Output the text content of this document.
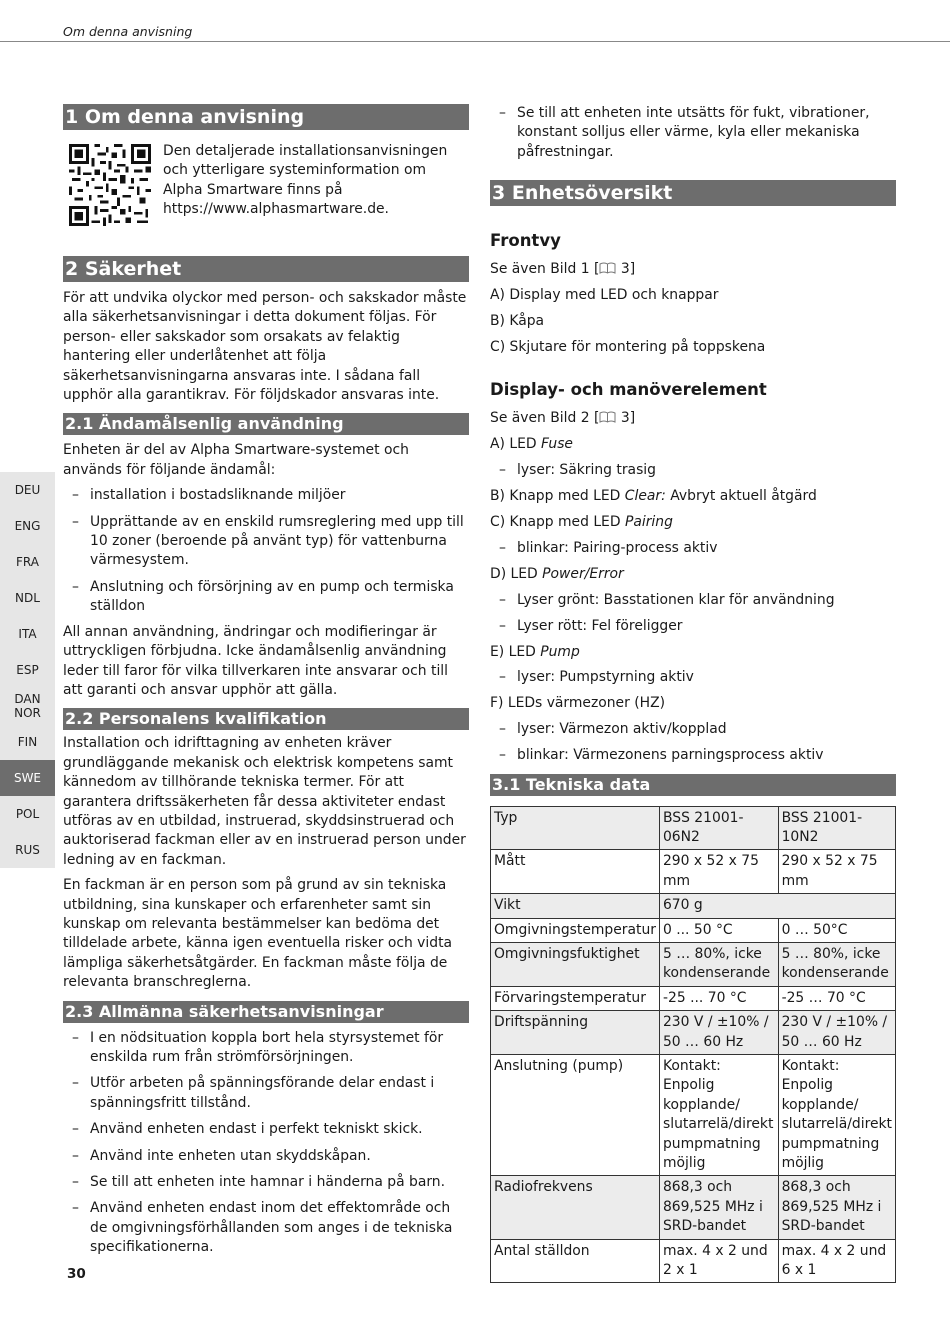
Om denna anvisning
1 Om denna anvisning

Den detaljerade installationsanvisningen och ytterligare systeminformation om Alpha Smartware finns på https://www.alphasmartware.de.

2 Säkerhet

För att undvika olyckor med person- och sakskador måste alla säkerhetsanvisningar i detta dokument följas. För person- eller sakskador som orsakats av felaktig hantering eller underlåtenhet att följa säkerhetsanvisningarna ansvaras inte. I sådana fall upphör alla garantikrav. För följdskador ansvaras inte.

2.1 Ändamålsenlig användning

Enheten är del av Alpha Smartware-systemet och används för följande ändamål:

– installation i bostadsliknande miljöer
– Upprättande av en enskild rumsreglering med upp till 10 zoner (beroende på använt typ) för vattenburna värmesystem.
– Anslutning och försörjning av en pump och termiska ställdon

All annan användning, ändringar och modifieringar är uttryckligen förbjudna. Icke ändamålsenlig användning leder till faror för vilka tillverkaren inte ansvarar och till att garanti och ansvar upphör att gälla.

2.2 Personalens kvalifikation

Installation och idrifttagning av enheten kräver grundläggande mekanisk och elektrisk kompetens samt kännedom av tillhörande tekniska termer. För att garantera driftssäkerheten får dessa aktiviteter endast utföras av en utbildad, instruerad, skyddsinstruerad och auktoriserad fackman eller av en instruerad person under ledning av en fackman.

En fackman är en person som på grund av sin tekniska utbildning, sina kunskaper och erfarenheter samt sin kunskap om relevanta bestämmelser kan bedöma det tilldelade arbete, känna igen eventuella risker och vidta lämpliga säkerhetsåtgärder. En fackman måste följa de relevanta branschreglerna.

2.3 Allmänna säkerhetsanvisningar
– I en nödsituation koppla bort hela styrsystemet för enskilda rum från strömförsörjningen.
– Utför arbeten på spänningsförande delar endast i spänningsfritt tillstånd.
– Använd enheten endast i perfekt tekniskt skick.
– Använd inte enheten utan skyddskåpan.
– Se till att enheten inte hamnar i händerna på barn.
– Använd enheten endast inom det effektområde och de omgivningsförhållanden som anges i de tekniska specifikationerna.
– Se till att enheten inte utsätts för fukt, vibrationer, konstant solljus eller värme, kyla eller mekaniska påfrestningar.
3 Enhetsöversikt
Frontvy

Se även Bild 1 [ 3]

A) Display med LED och knappar

B) Kåpa

C) Skjutare för montering på toppskena

Display- och manöverelement

Se även Bild 2 [ 3]

A) LED Fuse

– lyser: Säkring trasig

B) Knapp med LED Clear: Avbryt aktuell åtgärd

C) Knapp med LED Pairing

– blinkar: Pairing-process aktiv

D) LED Power/Error

– Lyser grönt: Basstationen klar för användning
– Lyser rött: Fel föreligger

E) LED Pump

– lyser: Pumpstyrning aktiv

F) LEDs värmezoner (HZ)

– lyser: Värmezon aktiv/kopplad
– blinkar: Värmezonens parningsprocess aktiv
3.1 Tekniska data
Typ	BSS 21001-06N2	BSS 21001-10N2
Mått	290 x 52 x 75 mm	290 x 52 x 75 mm
Vikt	670 g	
Omgivningstemperatur	0 ... 50 °C	0 … 50°C
Omgivningsfuktighet	5 … 80%, icke kondenserande	5 … 80%, icke kondenserande
Förvaringstemperatur	-25 ... 70 °C	-25 … 70 °C
Driftspänning	230 V / ±10% / 50 … 60 Hz	230 V / ±10% / 50 … 60 Hz
Anslutning (pump)	Kontakt: Enpolig kopplande/ slutarrelä/direkt pumpmatning möjlig	Kontakt: Enpolig kopplande/ slutarrelä/direkt pumpmatning möjlig
Radiofrekvens	868,3 och 869,525 MHz i SRD-bandet	868,3 och 869,525 MHz i SRD-bandet
Antal ställdon	max. 4 x 2 und 2 x 1	max. 4 x 2 und 6 x 1
DEU
ENG
FRA
NDL
ITA
ESP
DAN
NOR
FIN
SWE
POL
RUS
30
